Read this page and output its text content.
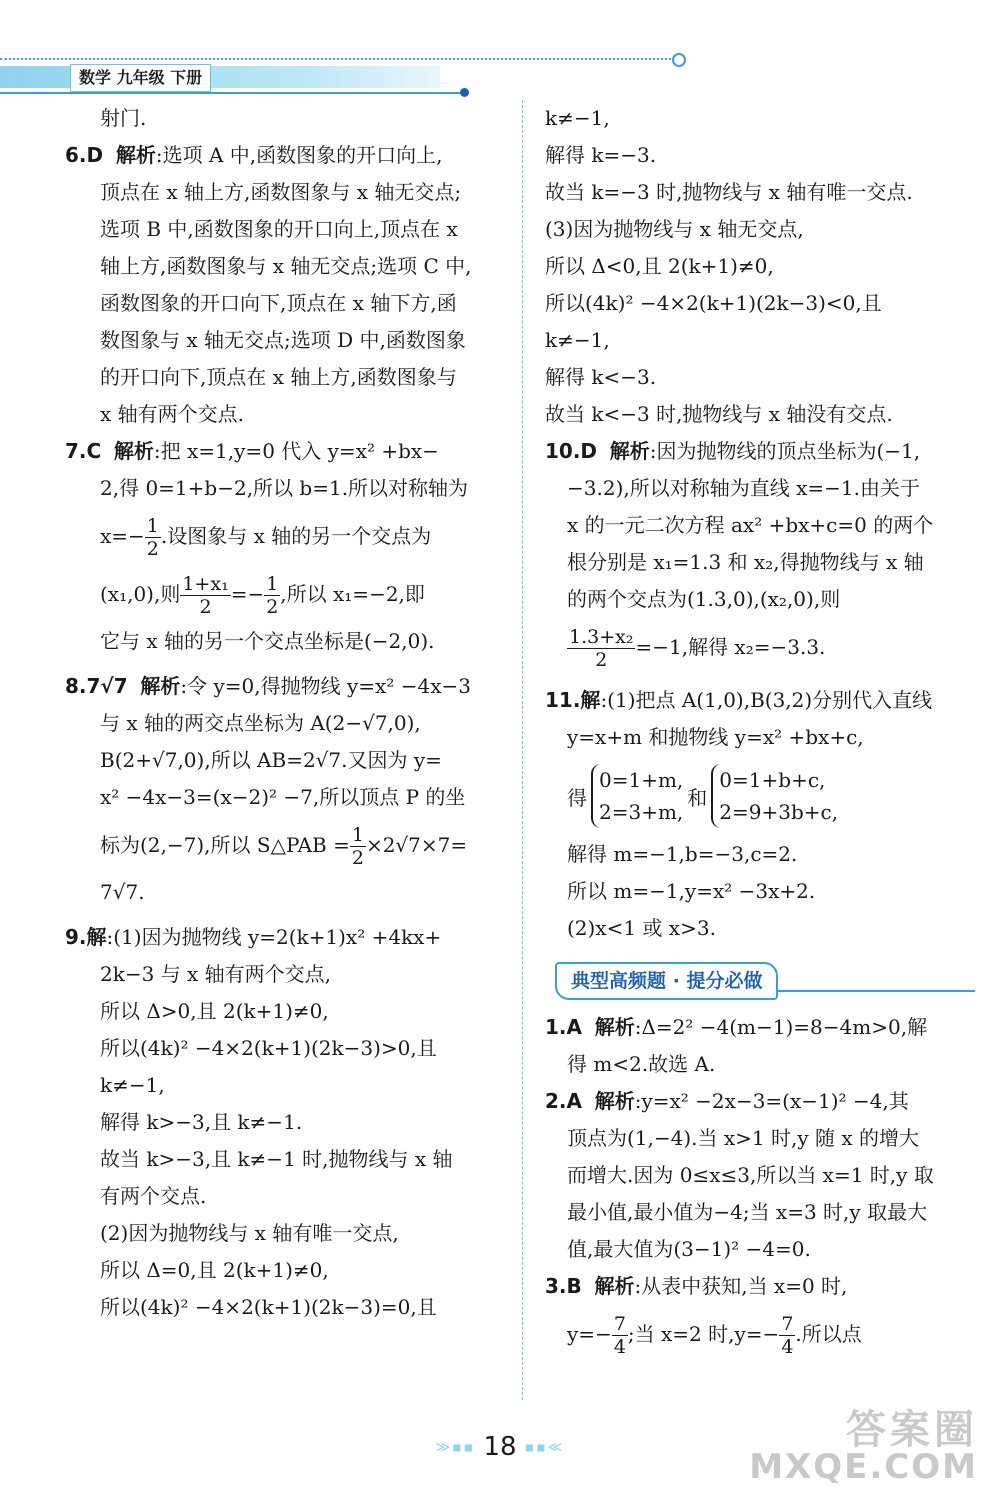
数学 九年级 下册
射门.
6.D 解析:选项 A 中,函数图象的开口向上,
顶点在 x 轴上方,函数图象与 x 轴无交点;
选项 B 中,函数图象的开口向上,顶点在 x
轴上方,函数图象与 x 轴无交点;选项 C 中,
函数图象的开口向下,顶点在 x 轴下方,函
数图象与 x 轴无交点;选项 D 中,函数图象
的开口向下,顶点在 x 轴上方,函数图象与
x 轴有两个交点.
7.C 解析:把 x=1,y=0 代入 y=x² +bx−
2,得 0=1+b−2,所以 b=1.所以对称轴为
$x=- \frac{1}{2}$ .设图象与 x 轴的另一个交点为
(x₁,0),则 $\frac{\text{1+x₁}}{2} =- \frac{1}{2}$ ,所以 x₁=−2,即
它与 x 轴的另一个交点坐标是(−2,0).
8.7√7 解析:令 y=0,得抛物线 y=x² −4x−3
与 x 轴的两交点坐标为 A(2−√7,0),
B(2+√7,0),所以 AB=2√7.又因为 y=
x² −4x−3=(x−2)² −7,所以顶点 P 的坐
标为(2,−7),所以 S△PAB = $\frac{1}{2} \times 2√7\times 7=$
7√7.
9.解:(1)因为抛物线 y=2(k+1)x² +4kx+
2k−3 与 x 轴有两个交点,
所以 Δ>0,且 2(k+1)≠0,
所以(4k)² −4×2(k+1)(2k−3)>0,且
k≠−1,
解得 k>−3,且 k≠−1.
故当 k>−3,且 k≠−1 时,抛物线与 x 轴
有两个交点.
(2)因为抛物线与 x 轴有唯一交点,
所以 Δ=0,且 2(k+1)≠0,
所以(4k)² −4×2(k+1)(2k−3)=0,且
k≠−1,
解得 k=−3.
故当 k=−3 时,抛物线与 x 轴有唯一交点.
(3)因为抛物线与 x 轴无交点,
所以 Δ<0,且 2(k+1)≠0,
所以(4k)² −4×2(k+1)(2k−3)<0,且
k≠−1,
解得 k<−3.
故当 k<−3 时,抛物线与 x 轴没有交点.
10.D 解析:因为抛物线的顶点坐标为(−1,
−3.2),所以对称轴为直线 x=−1.由关于
x 的一元二次方程 ax² +bx+c=0 的两个
根分别是 x₁=1.3 和 x₂,得抛物线与 x 轴
的两个交点为(1.3,0),(x₂,0),则
$\frac{\text{1.3+x₂}}{2} =-1$,解得 x₂=−3.3.
11.解:(1)把点 A(1,0),B(3,2)分别代入直线
y=x+m 和抛物线 y=x² +bx+c,
得
0=1+m,
2=3+m,
和
0=1+b+c,
2=9+3b+c,
解得 m=−1,b=−3,c=2.
所以 m=−1,y=x² −3x+2.
(2)x<1 或 x>3.
典型高频题 · 提分必做
1.A 解析:Δ=2² −4(m−1)=8−4m>0,解
得 m<2.故选 A.
2.A 解析:y=x² −2x−3=(x−1)² −4,其
顶点为(1,−4).当 x>1 时,y 随 x 的增大
而增大.因为 0≤x≤3,所以当 x=1 时,y 取
最小值,最小值为−4;当 x=3 时,y 取最大
值,最大值为(3−1)² −4=0.
3.B 解析:从表中获知,当 x=0 时,
$y=- \frac{7}{4}$ ;当 x=2 时$,y=- \frac{7}{4}$ .所以点
≫▪▪ 18 ▪▪≪	答案圈
MXQE.COM
